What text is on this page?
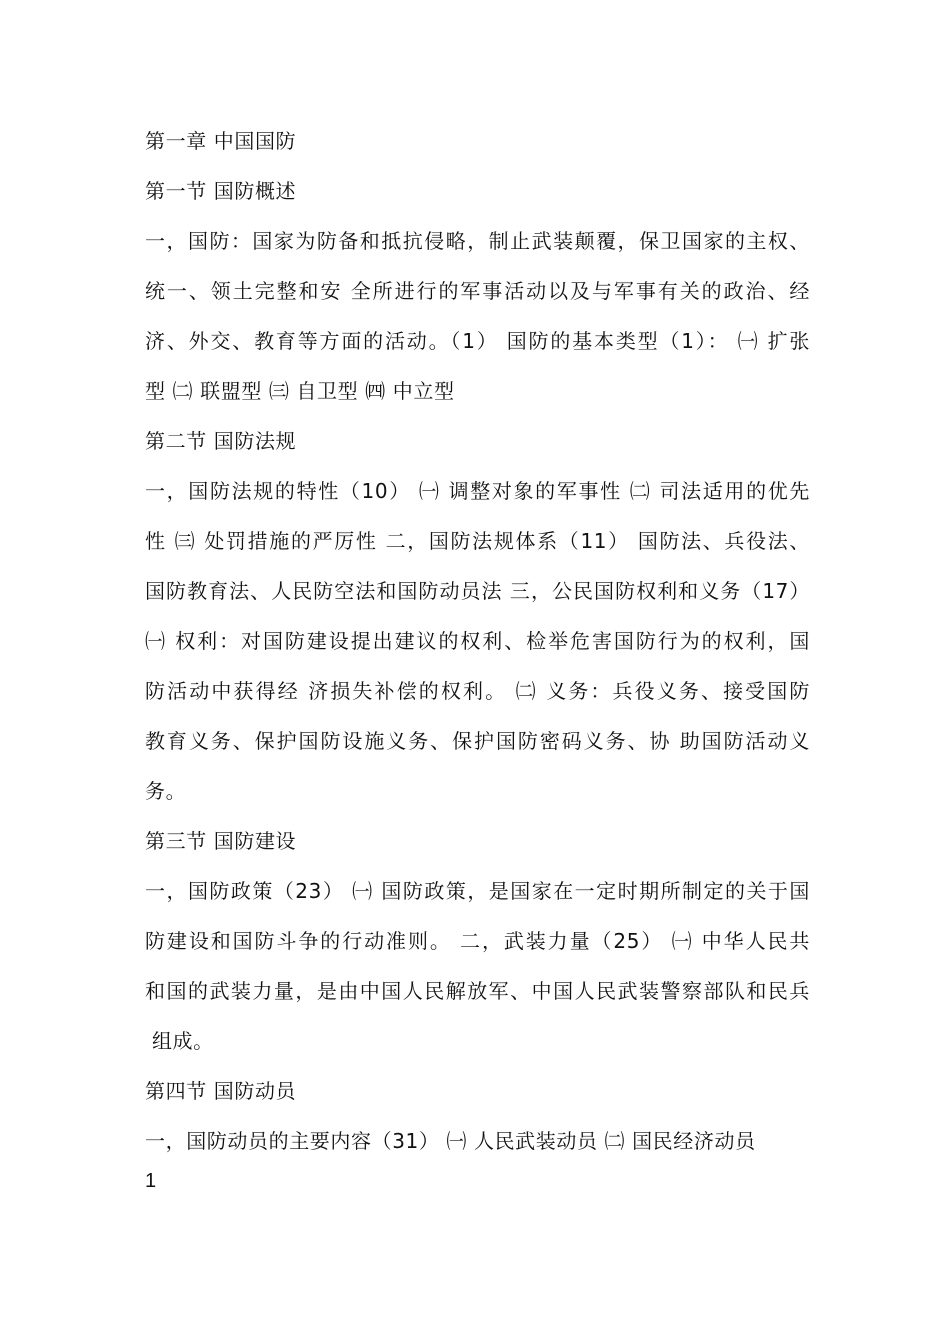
第一章 中国国防
第一节 国防概述
一，国防：国家为防备和抵抗侵略，制止武装颠覆，保卫国家的主权、
统一、领土完整和安 全所进行的军事活动以及与军事有关的政治、经
济、外交、教育等方面的活动。（1） 国防的基本类型（1）： ㈠ 扩张
型 ㈡ 联盟型 ㈢ 自卫型 ㈣ 中立型
第二节 国防法规
一，国防法规的特性（10） ㈠ 调整对象的军事性 ㈡ 司法适用的优先
性 ㈢ 处罚措施的严厉性 二，国防法规体系（11） 国防法、兵役法、
国防教育法、人民防空法和国防动员法 三，公民国防权利和义务（17）
㈠ 权利：对国防建设提出建议的权利、检举危害国防行为的权利，国
防活动中获得经 济损失补偿的权利。 ㈡ 义务：兵役义务、接受国防
教育义务、保护国防设施义务、保护国防密码义务、协 助国防活动义
务。
第三节 国防建设
一，国防政策（23） ㈠ 国防政策，是国家在一定时期所制定的关于国
防建设和国防斗争的行动准则。 二，武装力量（25） ㈠ 中华人民共
和国的武装力量，是由中国人民解放军、中国人民武装警察部队和民兵
组成。
第四节 国防动员
一，国防动员的主要内容（31） ㈠ 人民武装动员 ㈡ 国民经济动员
1
